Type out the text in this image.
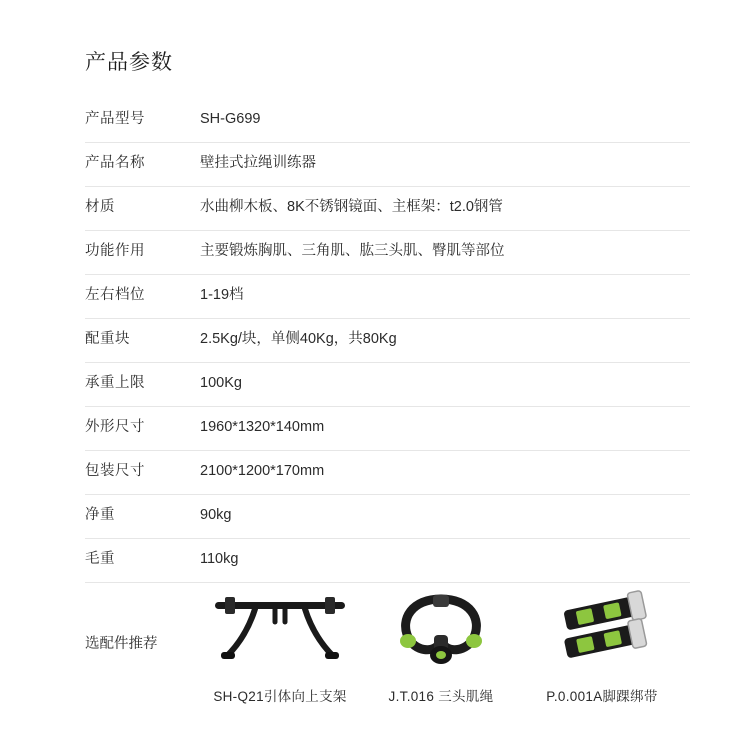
产品参数
产品型号	SH-G699
产品名称	壁挂式拉绳训练器
材质	水曲柳木板、8K不锈钢镜面、主框架：t2.0钢管
功能作用	主要锻炼胸肌、三角肌、肱三头肌、臀肌等部位
左右档位	1-19档
配重块	2.5Kg/块，单侧40Kg，共80Kg
承重上限	100Kg
外形尺寸	1960*1320*140mm
包装尺寸	2100*1200*170mm
净重	90kg
毛重	110kg
选配件推荐	SH-Q21引体向上支架 J.T.016 三头肌绳 P.0.001A脚踝绑带
